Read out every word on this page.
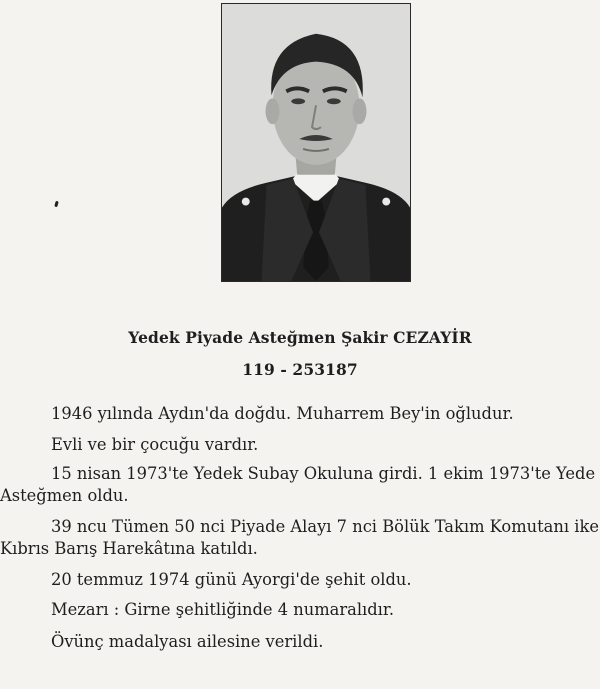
Yedek Piyade Asteğmen Şakir CEZAYİR
119 - 253187
1946 yılında Aydın'da doğdu. Muharrem Bey'in oğludur.
Evli ve bir çocuğu vardır.
15 nisan 1973'te Yedek Subay Okuluna girdi. 1 ekim 1973'te Yede
Asteğmen oldu.
39 ncu Tümen 50 nci Piyade Alayı 7 nci Bölük Takım Komutanı ike
Kıbrıs Barış Harekâtına katıldı.
20 temmuz 1974 günü Ayorgi'de şehit oldu.
Mezarı : Girne şehitliğinde 4 numaralıdır.
Övünç madalyası ailesine verildi.
